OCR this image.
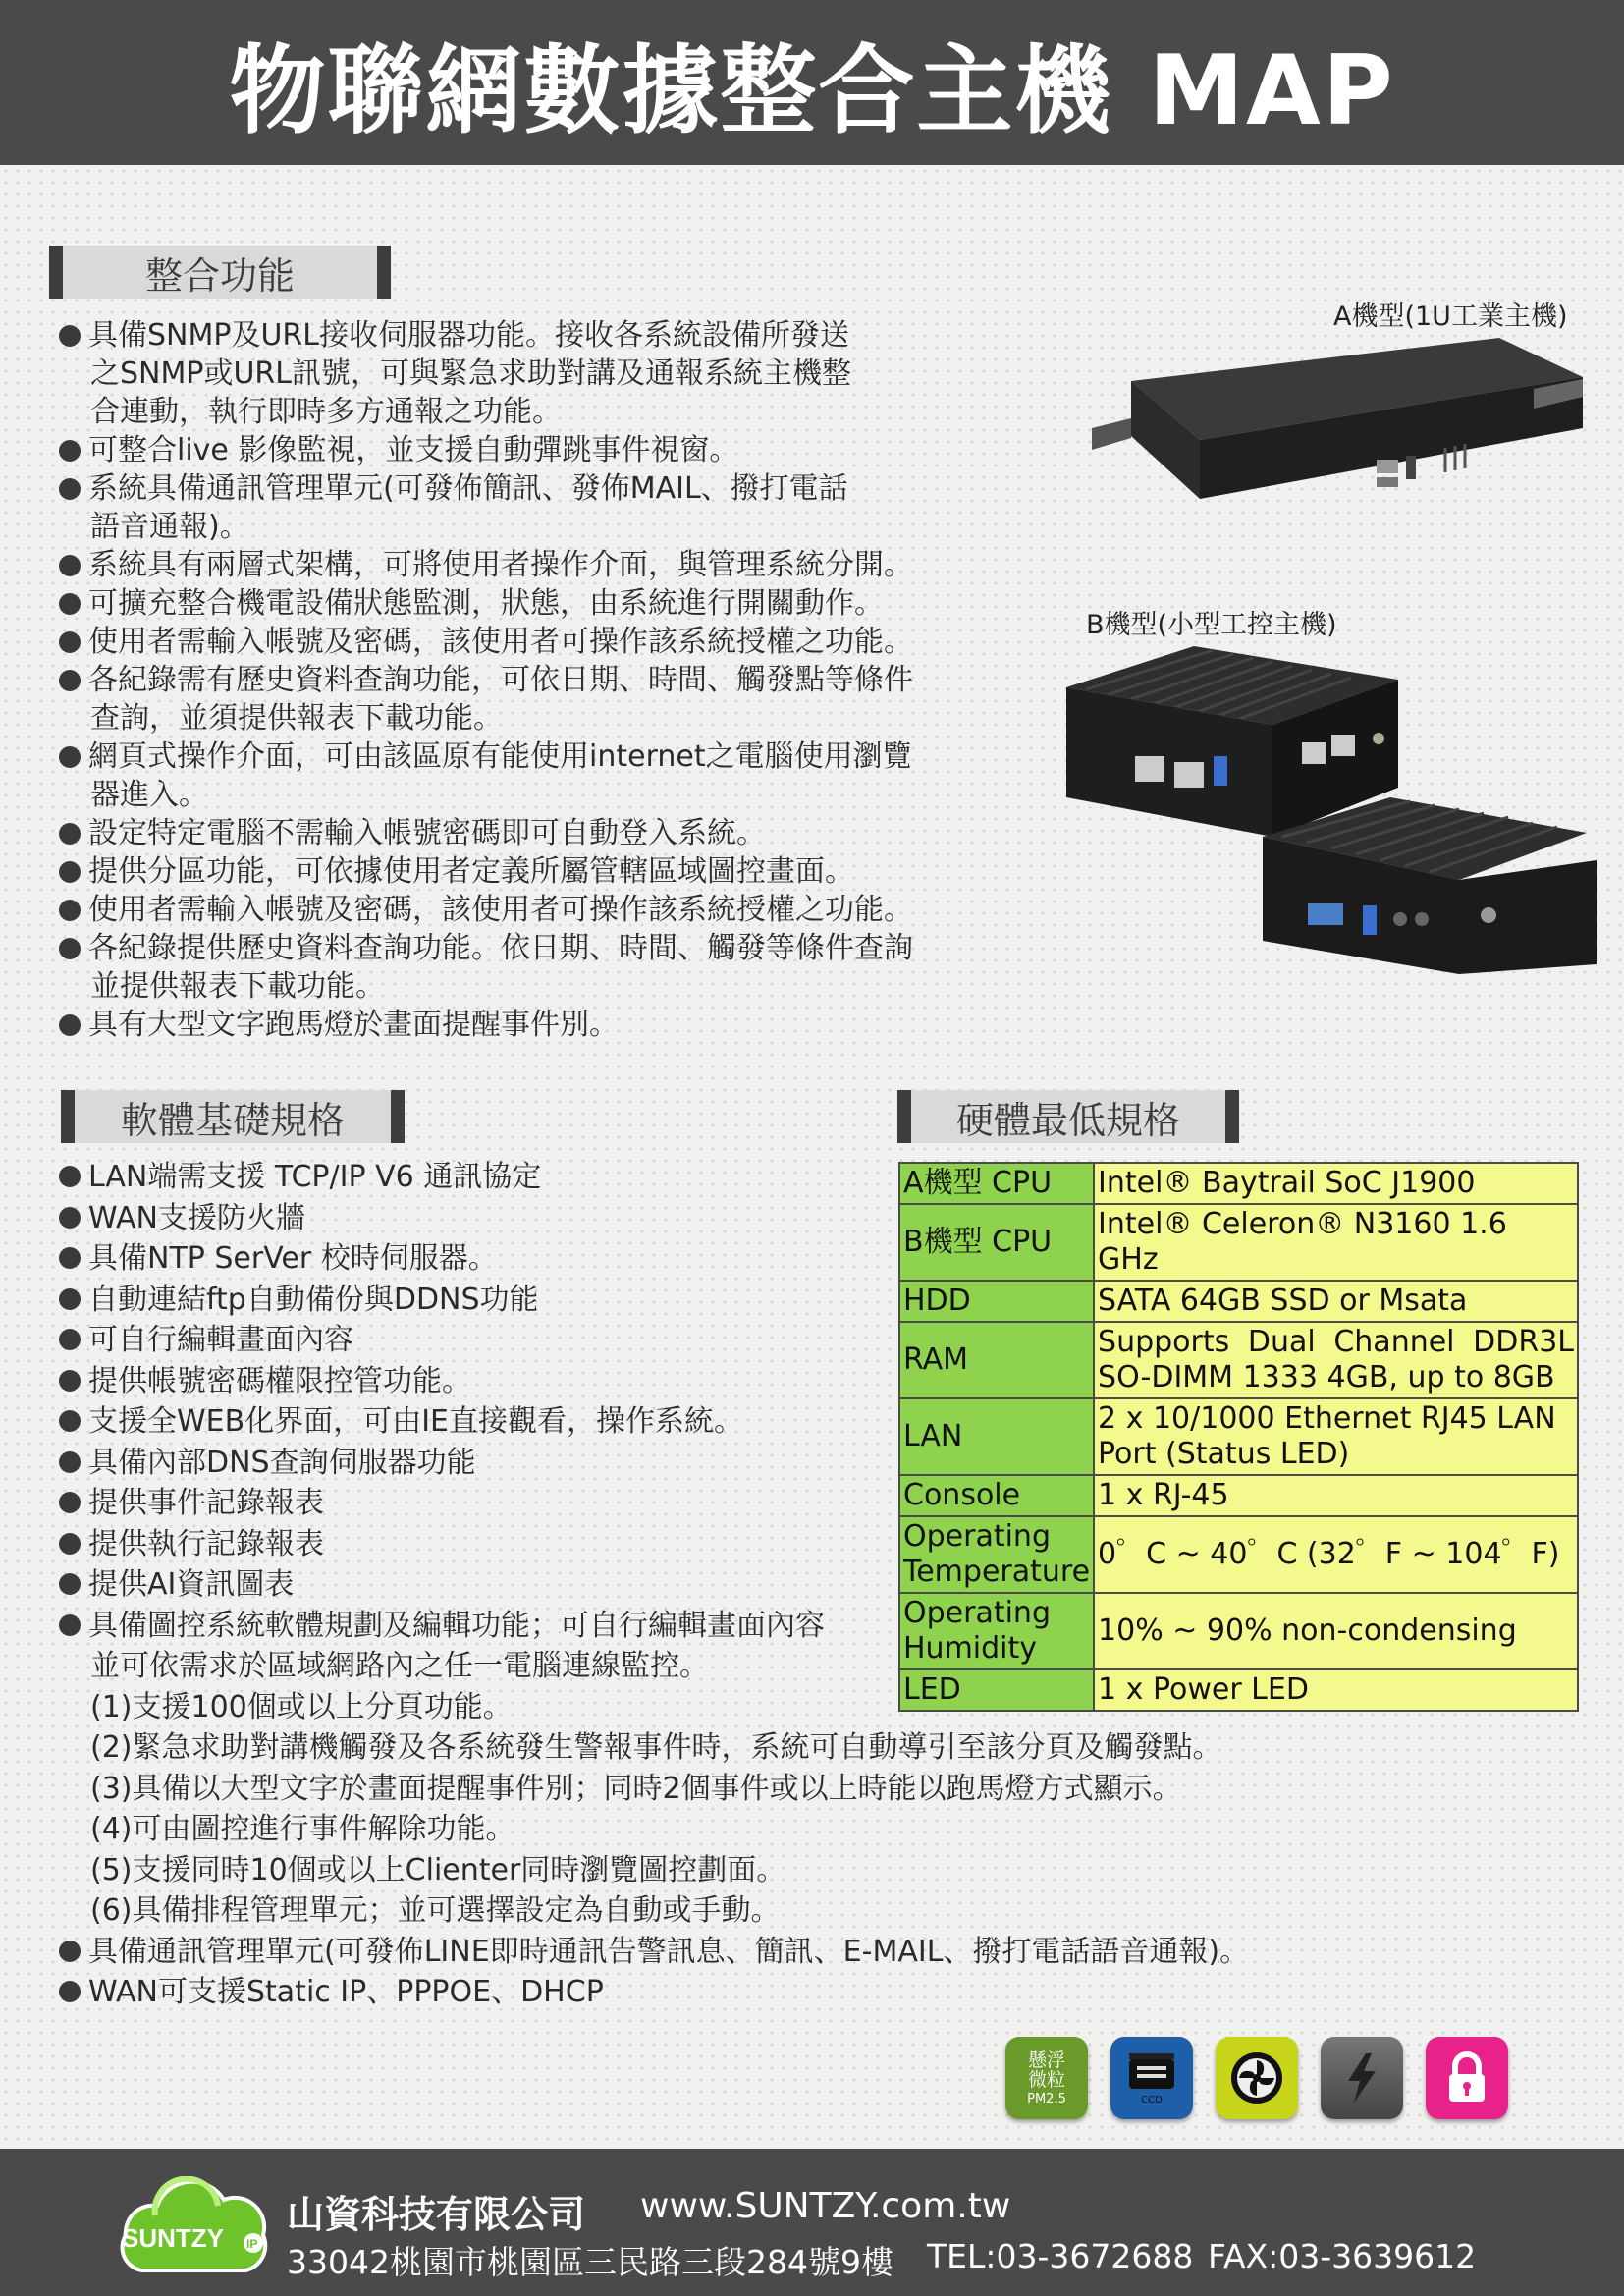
物聯網數據整合主機 MAP
整合功能
具備SNMP及URL接收伺服器功能。接收各系統設備所發送
之SNMP或URL訊號，可與緊急求助對講及通報系統主機整
合連動，執行即時多方通報之功能。
可整合live 影像監視，並支援自動彈跳事件視窗。
系統具備通訊管理單元(可發佈簡訊、發佈MAIL、撥打電話
語音通報)。
系統具有兩層式架構，可將使用者操作介面，與管理系統分開。
可擴充整合機電設備狀態監測，狀態，由系統進行開關動作。
使用者需輸入帳號及密碼，該使用者可操作該系統授權之功能。
各紀錄需有歷史資料查詢功能，可依日期、時間、觸發點等條件
查詢，並須提供報表下載功能。
網頁式操作介面，可由該區原有能使用internet之電腦使用瀏覽
器進入。
設定特定電腦不需輸入帳號密碼即可自動登入系統。
提供分區功能，可依據使用者定義所屬管轄區域圖控畫面。
使用者需輸入帳號及密碼，該使用者可操作該系統授權之功能。
各紀錄提供歷史資料查詢功能。依日期、時間、觸發等條件查詢
並提供報表下載功能。
具有大型文字跑馬燈於畫面提醒事件別。
A機型(1U工業主機)
B機型(小型工控主機)
軟體基礎規格
LAN端需支援 TCP/IP V6 通訊協定
WAN支援防火牆
具備NTP SerVer 校時伺服器。
自動連結ftp自動備份與DDNS功能
可自行編輯畫面內容
提供帳號密碼權限控管功能。
支援全WEB化界面，可由IE直接觀看，操作系統。
具備內部DNS查詢伺服器功能
提供事件記錄報表
提供執行記錄報表
提供AI資訊圖表
具備圖控系統軟體規劃及編輯功能；可自行編輯畫面內容
並可依需求於區域網路內之任一電腦連線監控。
(1)支援100個或以上分頁功能。
(2)緊急求助對講機觸發及各系統發生警報事件時，系統可自動導引至該分頁及觸發點。
(3)具備以大型文字於畫面提醒事件別；同時2個事件或以上時能以跑馬燈方式顯示。
(4)可由圖控進行事件解除功能。
(5)支援同時10個或以上Clienter同時瀏覽圖控劃面。
(6)具備排程管理單元；並可選擇設定為自動或手動。
具備通訊管理單元(可發佈LINE即時通訊告警訊息、簡訊、E-MAIL、撥打電話語音通報)。
WAN可支援Static IP、PPPOE、DHCP
硬體最低規格
A機型 CPU	Intel® Baytrail SoC J1900
B機型 CPU	Intel® Celeron® N3160 1.6 GHz
HDD	SATA 64GB SSD or Msata
RAM	Supports Dual Channel DDR3L SO-DIMM 1333 4GB, up to 8GB
LAN	2 x 10/1000 Ethernet RJ45 LAN Port (Status LED)
Console	1 x RJ-45
Operating Temperature	0゜C ~ 40゜C (32゜F ~ 104゜F)
Operating Humidity	10% ~ 90% non-condensing
LED	1 x Power LED
懸浮微粒
PM2.5	CCD
SUNTZY IP
山資科技有限公司 www.SUNTZY.com.tw
33042桃園市桃園區三民路三段284號9樓 TEL:03-3672688 FAX:03-3639612
